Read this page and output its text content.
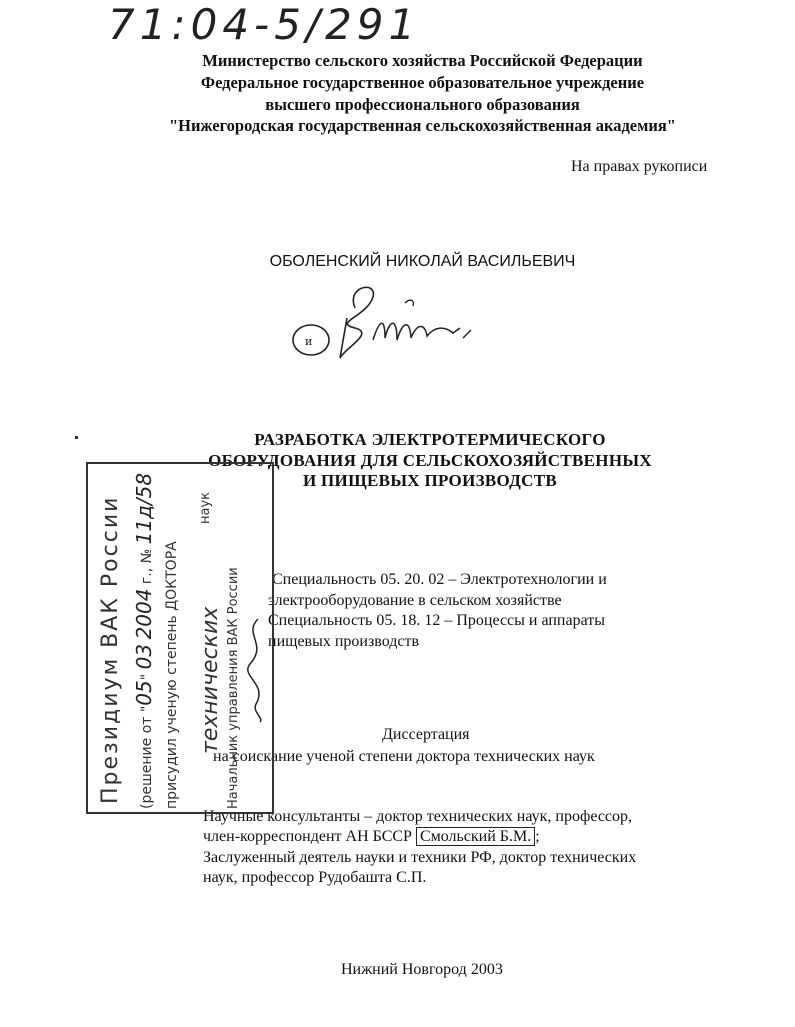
71:04-5/291
Министерство сельского хозяйства Российской Федерации
Федеральное государственное образовательное учреждение
высшего профессионального образования
"Нижегородская государственная сельскохозяйственная академия"
На правах рукописи
ОБОЛЕНСКИЙ НИКОЛАЙ ВАСИЛЬЕВИЧ
и
РАЗРАБОТКА ЭЛЕКТРОТЕРМИЧЕСКОГО
ОБОРУДОВАНИЯ ДЛЯ СЕЛЬСКОХОЗЯЙСТВЕННЫХ
И ПИЩЕВЫХ ПРОИЗВОДСТВ
Специальность 05. 20. 02 – Электротехнологии и
электрооборудование в сельском хозяйстве
Специальность 05. 18. 12 – Процессы и аппараты
пищевых производств
Диссертация
на соискание ученой степени доктора технических наук
Научные консультанты – доктор технических наук, профессор,
член-корреспондент АН БССР Смольский Б.М. ;
Заслуженный деятель науки и техники РФ, доктор технических
наук, профессор Рудобашта С.П.
Нижний Новгород 2003
Президиум ВАК России	(решение от "05" 03 2004 г., № 11д/58
присудил ученую степень ДОКТОРА технических Начальник управления ВАК России
наук
